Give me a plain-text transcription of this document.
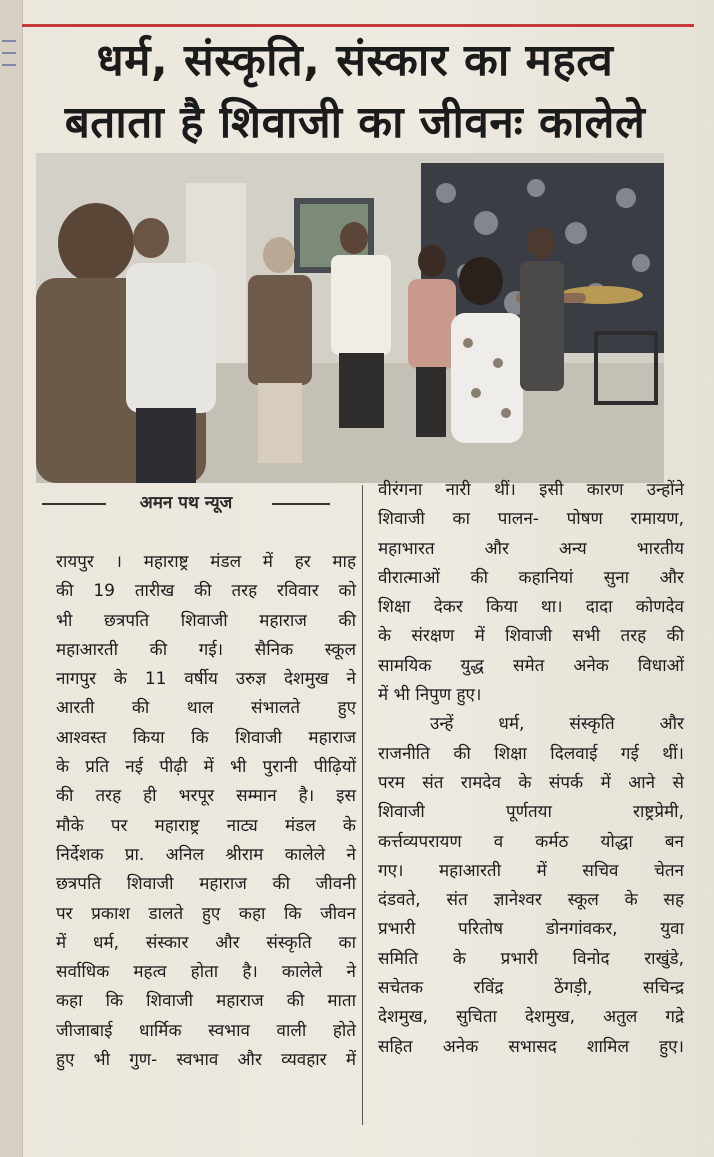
धर्म, संस्कृति, संस्कार का महत्व
बताता है शिवाजी का जीवनः कालेले
अमन पथ न्यूज

रायपुर । महाराष्ट्र मंडल में हर माह

की 19 तारीख की तरह रविवार को

भी छत्रपति शिवाजी महाराज की

महाआरती की गई। सैनिक स्कूल

नागपुर के 11 वर्षीय उरुज्ञ देशमुख ने

आरती की थाल संभालते हुए

आश्वस्त किया कि शिवाजी महाराज

के प्रति नई पीढ़ी में भी पुरानी पीढ़ियों

की तरह ही भरपूर सम्मान है। इस

मौके पर महाराष्ट्र नाट्य मंडल के

निर्देशक प्रा. अनिल श्रीराम कालेले ने

छत्रपति शिवाजी महाराज की जीवनी

पर प्रकाश डालते हुए कहा कि जीवन

में धर्म, संस्कार और संस्कृति का

सर्वाधिक महत्व होता है। कालेले ने

कहा कि शिवाजी महाराज की माता

जीजाबाई धार्मिक स्वभाव वाली होते

हुए भी गुण- स्वभाव और व्यवहार में

वीरंगना नारी थीं। इसी कारण उन्होंने

शिवाजी का पालन- पोषण रामायण,

महाभारत और अन्य भारतीय

वीरात्माओं की कहानियां सुना और

शिक्षा देकर किया था। दादा कोणदेव

के संरक्षण में शिवाजी सभी तरह की

सामयिक युद्ध समेत अनेक विधाओं

में भी निपुण हुए।

उन्हें धर्म, संस्कृति और

राजनीति की शिक्षा दिलवाई गई थीं।

परम संत रामदेव के संपर्क में आने से

शिवाजी पूर्णतया राष्ट्रप्रेमी,

कर्त्तव्यपरायण व कर्मठ योद्धा बन

गए। महाआरती में सचिव चेतन

दंडवते, संत ज्ञानेश्वर स्कूल के सह

प्रभारी परितोष डोनगांवकर, युवा

समिति के प्रभारी विनोद राखुंडे,

सचेतक रविंद्र ठेंगड़ी, सचिन्द्र

देशमुख, सुचिता देशमुख, अतुल गद्रे

सहित अनेक सभासद शामिल हुए।
